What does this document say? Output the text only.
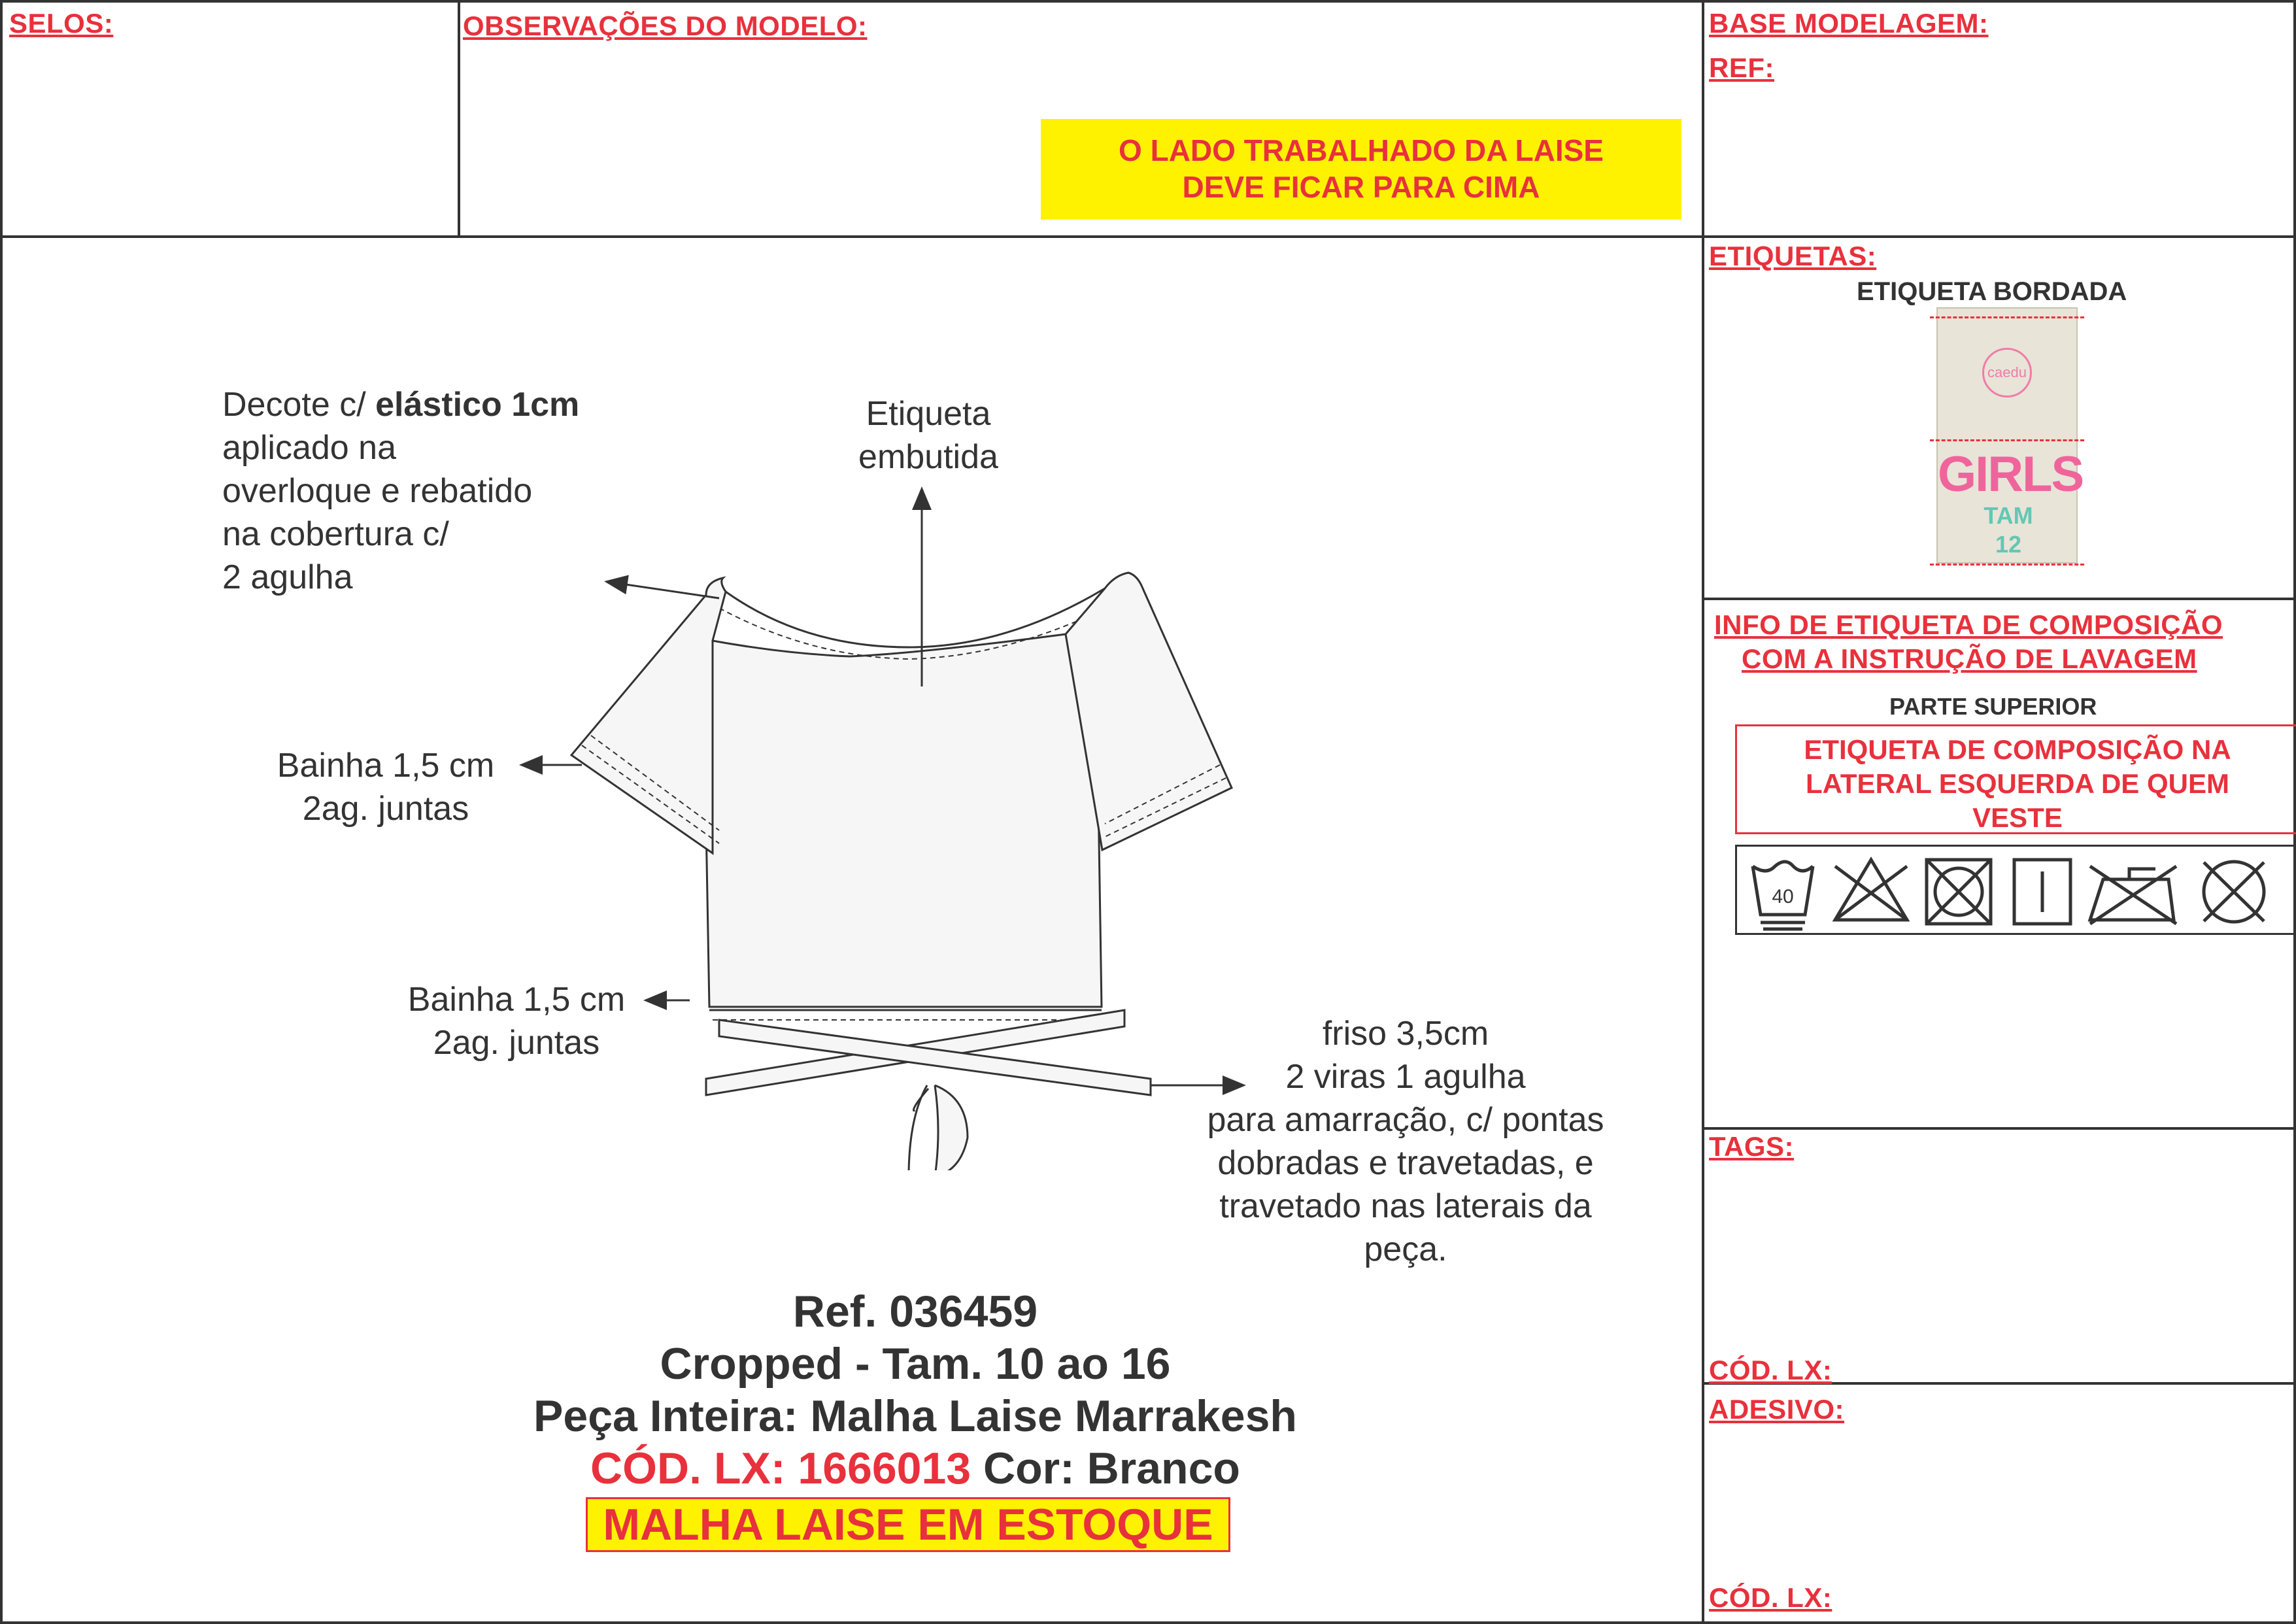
SELOS:	OBSERVAÇÕES DO MODELO:	BASE MODELAGEM:
REF:
ETIQUETAS:
TAGS:
CÓD. LX:
ADESIVO:
CÓD. LX:
O LADO TRABALHADO DA LAISE
DEVE FICAR PARA CIMA
ETIQUETA BORDADA
caedu
GIRLS
TAM
12
INFO DE ETIQUETA DE COMPOSIÇÃO
COM A INSTRUÇÃO DE LAVAGEM
PARTE SUPERIOR
ETIQUETA DE COMPOSIÇÃO NA
LATERAL ESQUERDA DE QUEM
VESTE
40
Decote c/ elástico 1cm
aplicado na
overloque e rebatido
na cobertura c/
2 agulha
Etiqueta
embutida
Bainha 1,5 cm
2ag. juntas
Bainha 1,5 cm
2ag. juntas	friso 3,5cm
2 viras 1 agulha
para amarração, c/ pontas
dobradas e travetadas, e
travetado nas laterais da
peça.
Ref. 036459
Cropped - Tam. 10 ao 16
Peça Inteira: Malha Laise Marrakesh
CÓD. LX: 1666013 Cor: Branco
MALHA LAISE EM ESTOQUE
